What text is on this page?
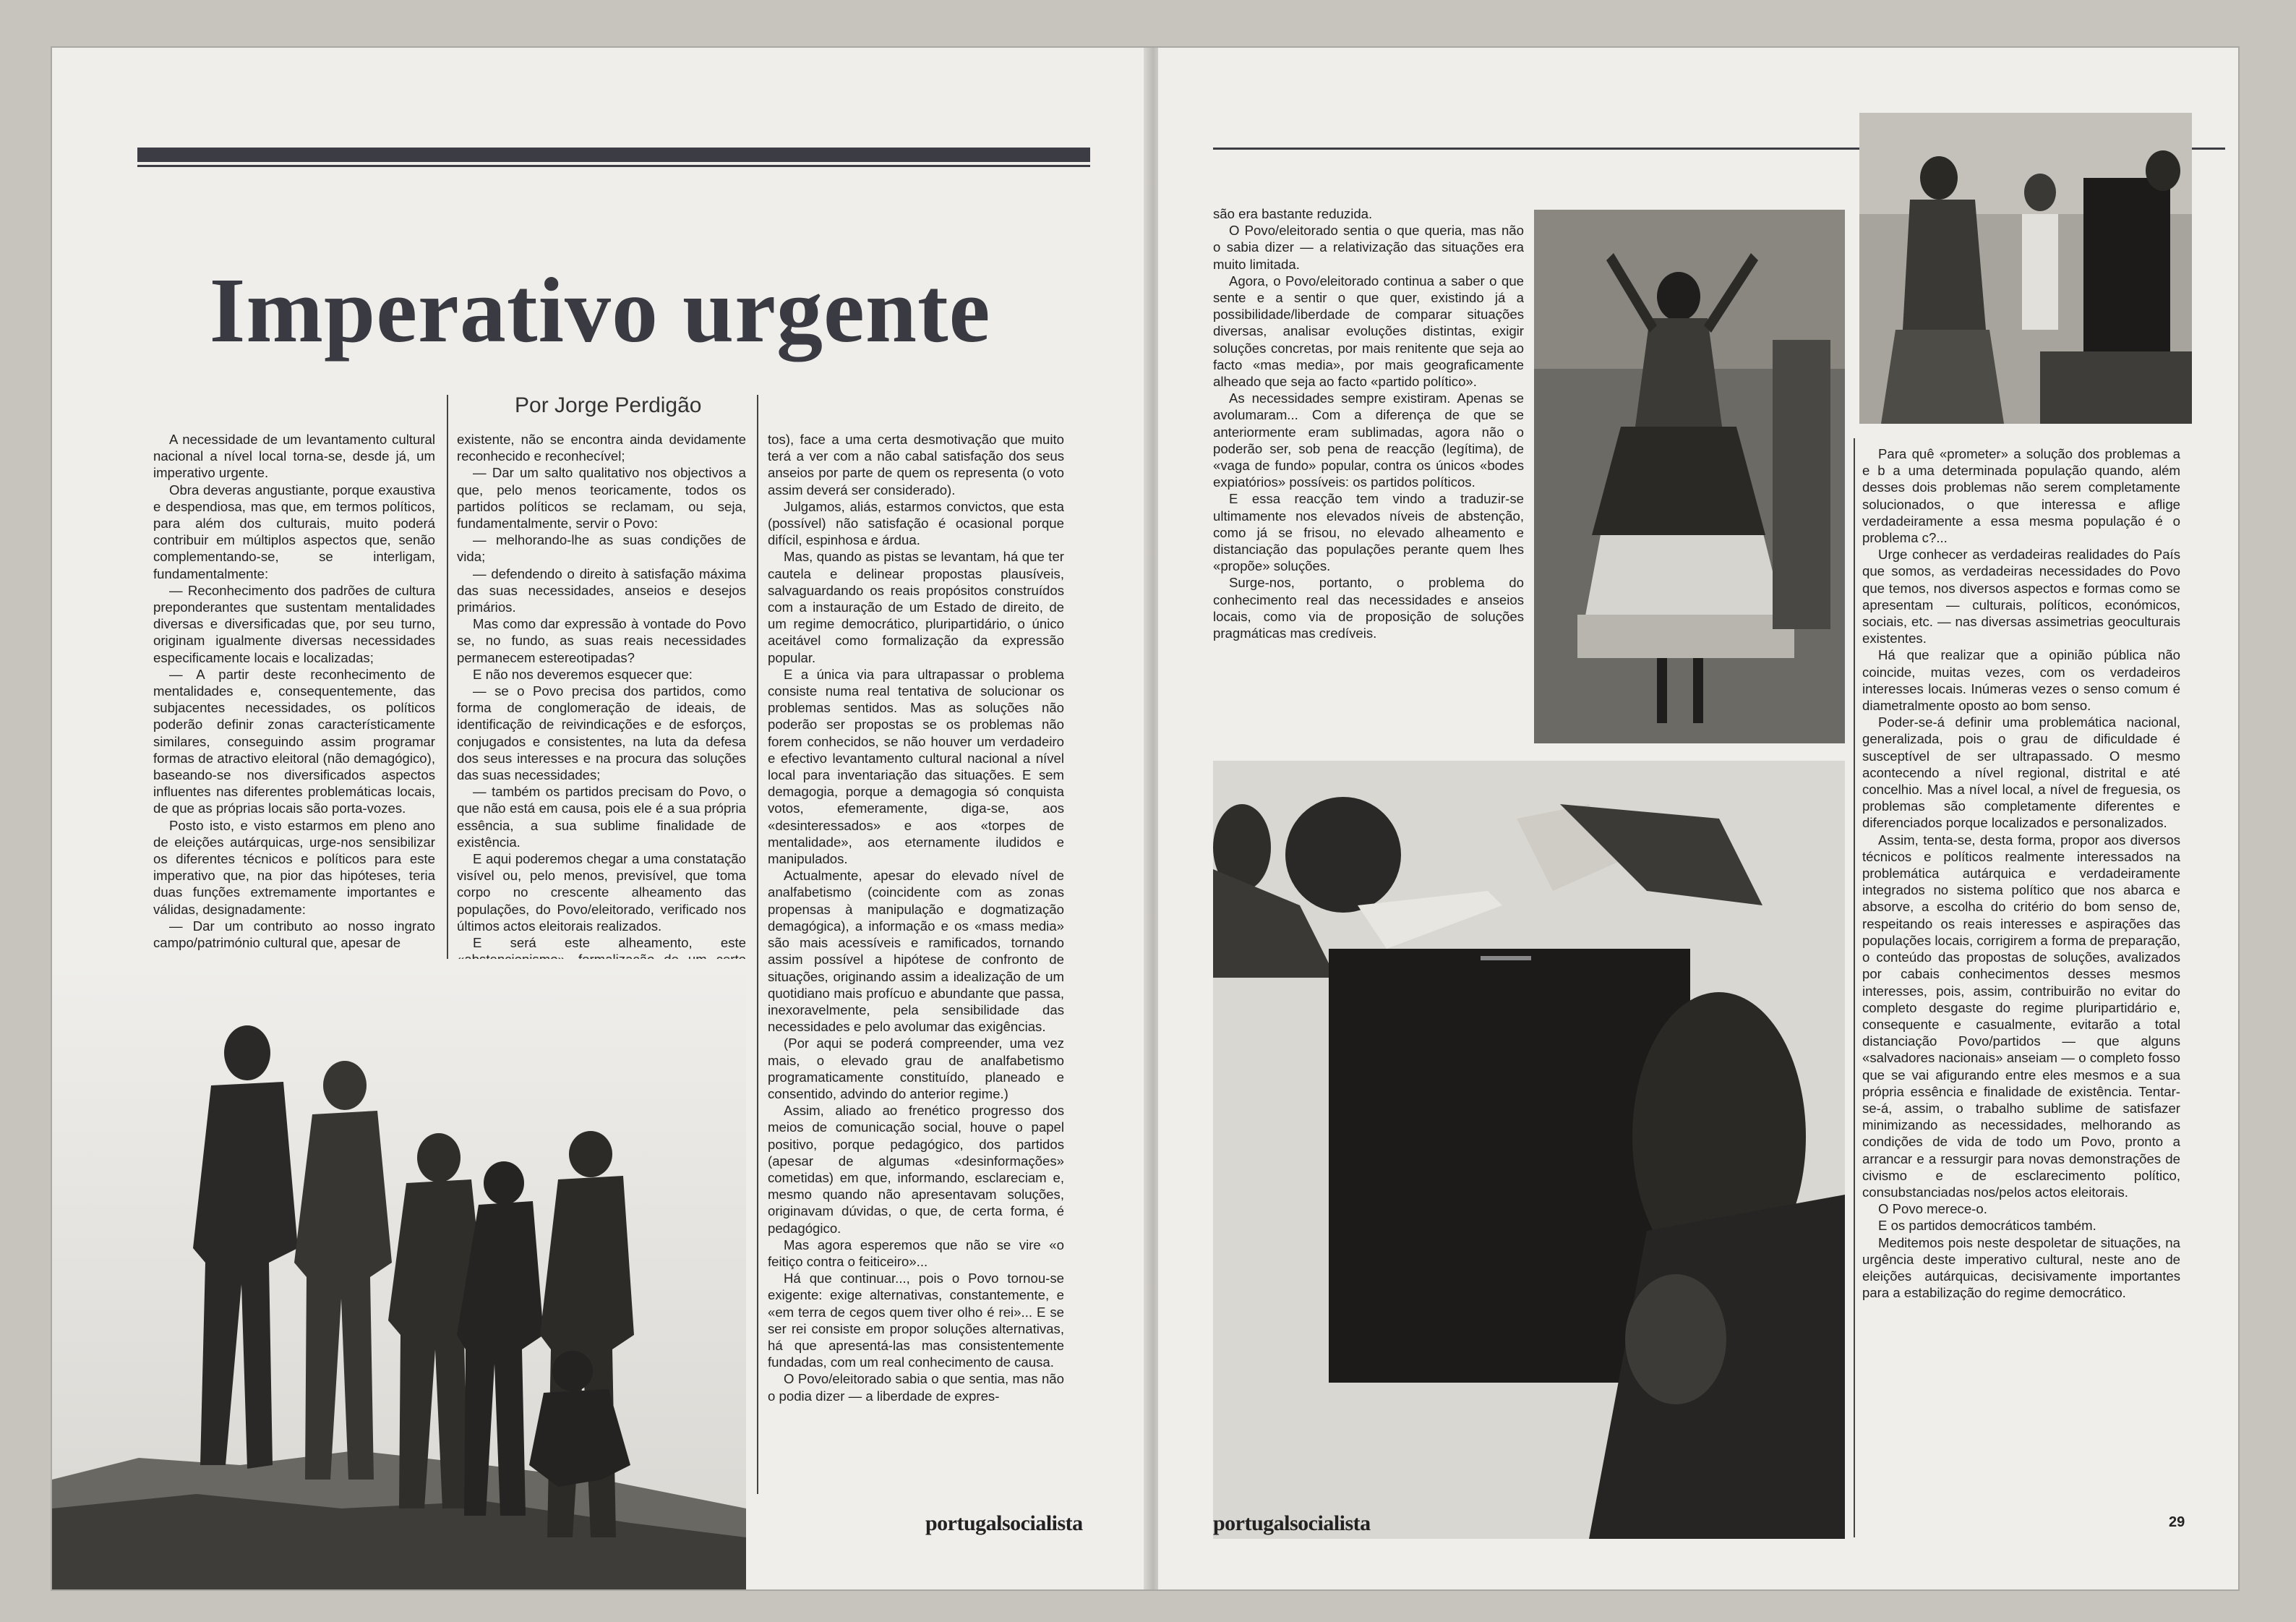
Imperativo urgente
Por Jorge Perdigão

A necessidade de um levantamento cultural nacional a nível local torna-se, desde já, um imperativo urgente.

Obra deveras angustiante, porque exaustiva e despendiosa, mas que, em termos políticos, para além dos culturais, muito poderá contribuir em múltiplos aspectos que, senão complementando-se, se interligam, fundamentalmente:

— Reconhecimento dos padrões de cultura preponderantes que sustentam mentalidades diversas e diversificadas que, por seu turno, originam igualmente diversas necessidades especificamente locais e localizadas;

— A partir deste reconhecimento de mentalidades e, consequentemente, das subjacentes necessidades, os políticos poderão definir zonas característicamente similares, conseguindo assim programar formas de atractivo eleitoral (não demagógico), baseando-se nos diversificados aspectos influentes nas diferentes problemáticas locais, de que as próprias locais são porta-vozes.

Posto isto, e visto estarmos em pleno ano de eleições autárquicas, urge-nos sensibilizar os diferentes técnicos e políticos para este imperativo que, na pior das hipóteses, teria duas funções extremamente importantes e válidas, designadamente:

— Dar um contributo ao nosso ingrato campo/património cultural que, apesar de

existente, não se encontra ainda devidamente reconhecido e reconhecível;

— Dar um salto qualitativo nos objectivos a que, pelo menos teoricamente, todos os partidos políticos se reclamam, ou seja, fundamentalmente, servir o Povo:

— melhorando-lhe as suas condições de vida;

— defendendo o direito à satisfação máxima das suas necessidades, anseios e desejos primários.

Mas como dar expressão à vontade do Povo se, no fundo, as suas reais necessidades permanecem estereotipadas?

E não nos deveremos esquecer que:

— se o Povo precisa dos partidos, como forma de conglomeração de ideais, de identificação de reivindicações e de esforços, conjugados e consistentes, na luta da defesa dos seus interesses e na procura das soluções das suas necessidades;

— também os partidos precisam do Povo, o que não está em causa, pois ele é a sua própria essência, a sua sublime finalidade de existência.

E aqui poderemos chegar a uma constatação visível ou, pelo menos, previsível, que toma corpo no crescente alheamento das populações, do Povo/eleitorado, verificado nos últimos actos eleitorais realizados.

E será este alheamento, este

tos), face a uma certa desmotivação que muito terá a ver com a não cabal satisfação dos seus anseios por parte de quem os representa (o voto assim deverá ser considerado).

Julgamos, aliás, estarmos convictos, que esta (possível) não satisfação é ocasional porque difícil, espinhosa e árdua.

Mas, quando as pistas se levantam, há que ter cautela e delinear propostas plausíveis, salvaguardando os reais propósitos construídos com a instauração de um Estado de direito, de um regime democrático, pluripartidário, o único aceitável como formalização da expressão popular.

E a única via para ultrapassar o problema consiste numa real tentativa de solucionar os problemas sentidos. Mas as soluções não poderão ser propostas se os problemas não forem conhecidos, se não houver um verdadeiro e efectivo levantamento cultural nacional a nível local para inventariação das situações. E sem demagogia, porque a demagogia só conquista votos, efemeramente, diga-se, aos «desinteressados» e aos «torpes de mentalidade», aos eternamente iludidos e manipulados.

Actualmente, apesar do elevado nível de analfabetismo (coincidente com as zonas propensas à manipulação e dogmatização demagógica), a informação e os «mass media» são mais acessíveis e ramificados, tornando assim possível a hipótese de confronto de situações, originando assim a idealização de um quotidiano mais profícuo e abundante que passa, inexoravelmente, pela sensibilidade das necessidades e pelo avolumar das exigências.

(Por aqui se poderá compreender, uma vez mais, o elevado grau de analfabetismo programaticamente constituído, planeado e consentido, advindo do anterior regime.)

Assim, aliado ao frenético progresso dos meios de comunicação social, houve o papel positivo, porque pedagógico, dos partidos (apesar de algumas «desinformações» cometidas) em que, informando, esclareciam e, mesmo quando não apresentavam soluções, originavam dúvidas, o que, de certa forma, é pedagógico.

Mas agora esperemos que não se vire «o feitiço contra o feiticeiro»...

Há que continuar..., pois o Povo tornou-se exigente: exige alternativas, constantemente, e «em terra de cegos quem tiver olho é rei»... E se ser rei consiste em propor soluções alternativas, há que apresentá-las mas consistentemente fundadas, com um real conhecimento de causa.

O Povo/eleitorado sabia o que sentia, mas não o podia dizer — a liberdade de expres-

portugalsocialista

são era bastante reduzida.

O Povo/eleitorado sentia o que queria, mas não o sabia dizer — a relativização das situações era muito limitada.

Agora, o Povo/eleitorado continua a saber o que sente e a sentir o que quer, existindo já a possibilidade/liberdade de comparar situações diversas, analisar evoluções distintas, exigir soluções concretas, por mais renitente que seja ao facto «mas media», por mais geograficamente alheado que seja ao facto «partido político».

As necessidades sempre existiram. Apenas se avolumaram... Com a diferença de que se anteriormente eram sublimadas, agora não o poderão ser, sob pena de reacção (legítima), de «vaga de fundo» popular, contra os únicos «bodes expiatórios» possíveis: os partidos políticos.

E essa reacção tem vindo a traduzir-se ultimamente nos elevados níveis de abstenção, como já se frisou, no elevado alheamento e distanciação das populações perante quem lhes «propõe» soluções.

Surge-nos, portanto, o problema do conhecimento real das necessidades e anseios locais, como via de proposição de soluções pragmáticas mas credíveis.

Para quê «prometer» a solução dos problemas a e b a uma determinada população quando, além desses dois problemas não serem completamente solucionados, o que interessa e aflige verdadeiramente a essa mesma população é o problema c?...

Urge conhecer as verdadeiras realidades do País que somos, as verdadeiras necessidades do Povo que temos, nos diversos aspectos e formas como se apresentam — culturais, políticos, económicos, sociais, etc. — nas diversas assimetrias geoculturais existentes.

Há que realizar que a opinião pública não coincide, muitas vezes, com os verdadeiros interesses locais. Inúmeras vezes o senso comum é diametralmente oposto ao bom senso.

Poder-se-á definir uma problemática nacional, generalizada, pois o grau de dificuldade é susceptível de ser ultrapassado. O mesmo acontecendo a nível regional, distrital e até concelhio. Mas a nível local, a nível de freguesia, os problemas são completamente diferentes e diferenciados porque localizados e personalizados.

Assim, tenta-se, desta forma, propor aos diversos técnicos e políticos realmente interessados na problemática autárquica e verdadeiramente integrados no sistema político que nos abarca e absorve, a escolha do critério do bom senso de, respeitando os reais interesses e aspirações das populações locais, corrigirem a forma de preparação, o conteúdo das propostas de soluções, avalizados por cabais conhecimentos desses mesmos interesses, pois, assim, contribuirão no evitar do completo desgaste do regime pluripartidário e, consequente e casualmente, evitarão a total distanciação Povo/partidos — que alguns «salvadores nacionais» anseiam — o completo fosso que se vai afigurando entre eles mesmos e a sua própria essência e finalidade de existência. Tentar-se-á, assim, o trabalho sublime de satisfazer minimizando as necessidades, melhorando as condições de vida de todo um Povo, pronto a arrancar e a ressurgir para novas demonstrações de civismo e de esclarecimento político, consubstanciadas nos/pelos actos eleitorais.

O Povo merece-o.

E os partidos democráticos também.

Meditemos pois neste despoletar de situações, na urgência deste imperativo cultural, neste ano de eleições autárquicas, decisivamente importantes para a estabilização do regime democrático.

portugalsocialista	29
